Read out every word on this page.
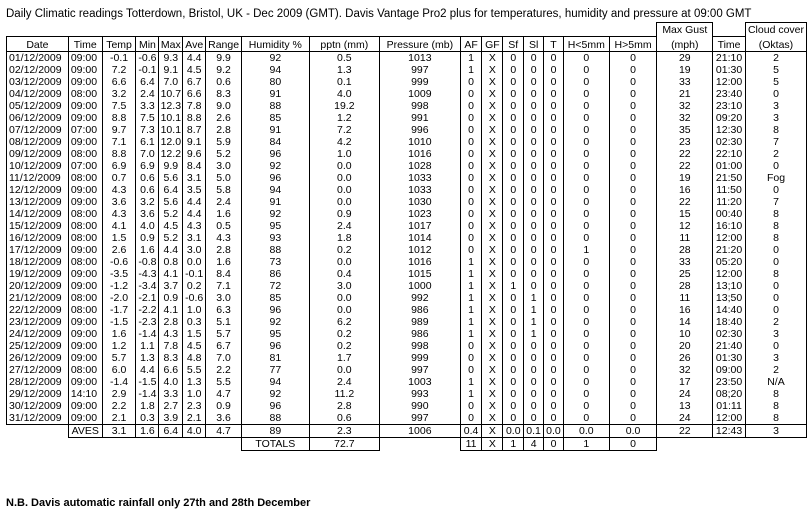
Daily Climatic readings Totterdown, Bristol, UK - Dec 2009 (GMT). Davis Vantage Pro2 plus for temperatures, humidity and pressure at 09:00 GMT
																	Max Gust		Cloud cover
Date	Time	Temp	Min	Max	Ave	Range	Humidity %	pptn (mm)	Pressure (mb)	AF	GF	Sf	Sl	T	H<5mm	H>5mm	(mph)	Time	(Oktas)
01/12/2009	09:00	-0.1	-0.6	9.3	4.4	9.9	92	0.5	1013	1	X	0	0	0	0	0	29	21:10	2
02/12/2009	09:00	7.2	-0.1	9.1	4.5	9.2	94	1.3	997	1	X	0	0	0	0	0	19	01:30	5
03/12/2009	09:00	6.6	6.4	7.0	6.7	0.6	80	0.1	999	0	X	0	0	0	0	0	33	12:00	5
04/12/2009	08:00	3.2	2.4	10.7	6.6	8.3	91	4.0	1009	0	X	0	0	0	0	0	21	23:40	0
05/12/2009	09:00	7.5	3.3	12.3	7.8	9.0	88	19.2	998	0	X	0	0	0	0	0	32	23:10	3
06/12/2009	09:00	8.8	7.5	10.1	8.8	2.6	85	1.2	991	0	X	0	0	0	0	0	32	09:20	3
07/12/2009	07:00	9.7	7.3	10.1	8.7	2.8	91	7.2	996	0	X	0	0	0	0	0	35	12:30	8
08/12/2009	09:00	7.1	6.1	12.0	9.1	5.9	84	4.2	1010	0	X	0	0	0	0	0	23	02:30	7
09/12/2009	08:00	8.8	7.0	12.2	9.6	5.2	96	1.0	1016	0	X	0	0	0	0	0	22	22:10	2
10/12/2009	07:00	6.9	6.9	9.9	8.4	3.0	92	0.0	1028	0	X	0	0	0	0	0	22	01:00	0
11/12/2009	08:00	0.7	0.6	5.6	3.1	5.0	96	0.0	1033	0	X	0	0	0	0	0	19	21:50	Fog
12/12/2009	09:00	4.3	0.6	6.4	3.5	5.8	94	0.0	1033	0	X	0	0	0	0	0	16	11:50	0
13/12/2009	09:00	3.6	3.2	5.6	4.4	2.4	91	0.0	1030	0	X	0	0	0	0	0	22	11:20	7
14/12/2009	08:00	4.3	3.6	5.2	4.4	1.6	92	0.9	1023	0	X	0	0	0	0	0	15	00:40	8
15/12/2009	08:00	4.1	4.0	4.5	4.3	0.5	95	2.4	1017	0	X	0	0	0	0	0	12	16:10	8
16/12/2009	08:00	1.5	0.9	5.2	3.1	4.3	93	1.8	1014	0	X	0	0	0	0	0	11	12:00	8
17/12/2009	09:00	2.6	1.6	4.4	3.0	2.8	88	0.2	1012	0	X	0	0	0	1	0	28	21:20	0
18/12/2009	08:00	-0.6	-0.8	0.8	0.0	1.6	73	0.0	1016	1	X	0	0	0	0	0	33	05:20	0
19/12/2009	09:00	-3.5	-4.3	4.1	-0.1	8.4	86	0.4	1015	1	X	0	0	0	0	0	25	12:00	8
20/12/2009	09:00	-1.2	-3.4	3.7	0.2	7.1	72	3.0	1000	1	X	1	0	0	0	0	28	13;10	0
21/12/2009	08:00	-2.0	-2.1	0.9	-0.6	3.0	85	0.0	992	1	X	0	1	0	0	0	11	13;50	0
22/12/2009	08:00	-1.7	-2.2	4.1	1.0	6.3	96	0.0	986	1	X	0	1	0	0	0	16	14:40	0
23/12/2009	09:00	-1.5	-2.3	2.8	0.3	5.1	92	6.2	989	1	X	0	1	0	0	0	14	18:40	2
24/12/2009	09:00	1.6	-1.4	4.3	1.5	5.7	95	0.2	986	1	X	0	1	0	0	0	10	02:30	3
25/12/2009	09:00	1.2	1.1	7.8	4.5	6.7	96	0.2	998	0	X	0	0	0	0	0	20	21:40	0
26/12/2009	09:00	5.7	1.3	8.3	4.8	7.0	81	1.7	999	0	X	0	0	0	0	0	26	01:30	3
27/12/2009	08:00	6.0	4.4	6.6	5.5	2.2	77	0.0	997	0	X	0	0	0	0	0	32	09:00	2
28/12/2009	09:00	-1.4	-1.5	4.0	1.3	5.5	94	2.4	1003	1	X	0	0	0	0	0	17	23:50	N/A
29/12/2009	14:10	2.9	-1.4	3.3	1.0	4.7	92	11.2	993	1	X	0	0	0	0	0	24	08;20	8
30/12/2009	09:00	2.2	1.8	2.7	2.3	0.9	96	2.8	990	0	X	0	0	0	0	0	13	01:11	8
31/12/2009	09:00	2.1	0.3	3.9	2.1	3.6	88	0.6	997	0	X	0	0	0	0	0	24	12:00	8
	AVES	3.1	1.6	6.4	4.0	4.7	89	2.3	1006	0.4	X	0.0	0.1	0.0	0.0	0.0	22	12:43	3
							TOTALS	72.7		11	X	1	4	0	1	0			
N.B. Davis automatic rainfall only 27th and 28th December
